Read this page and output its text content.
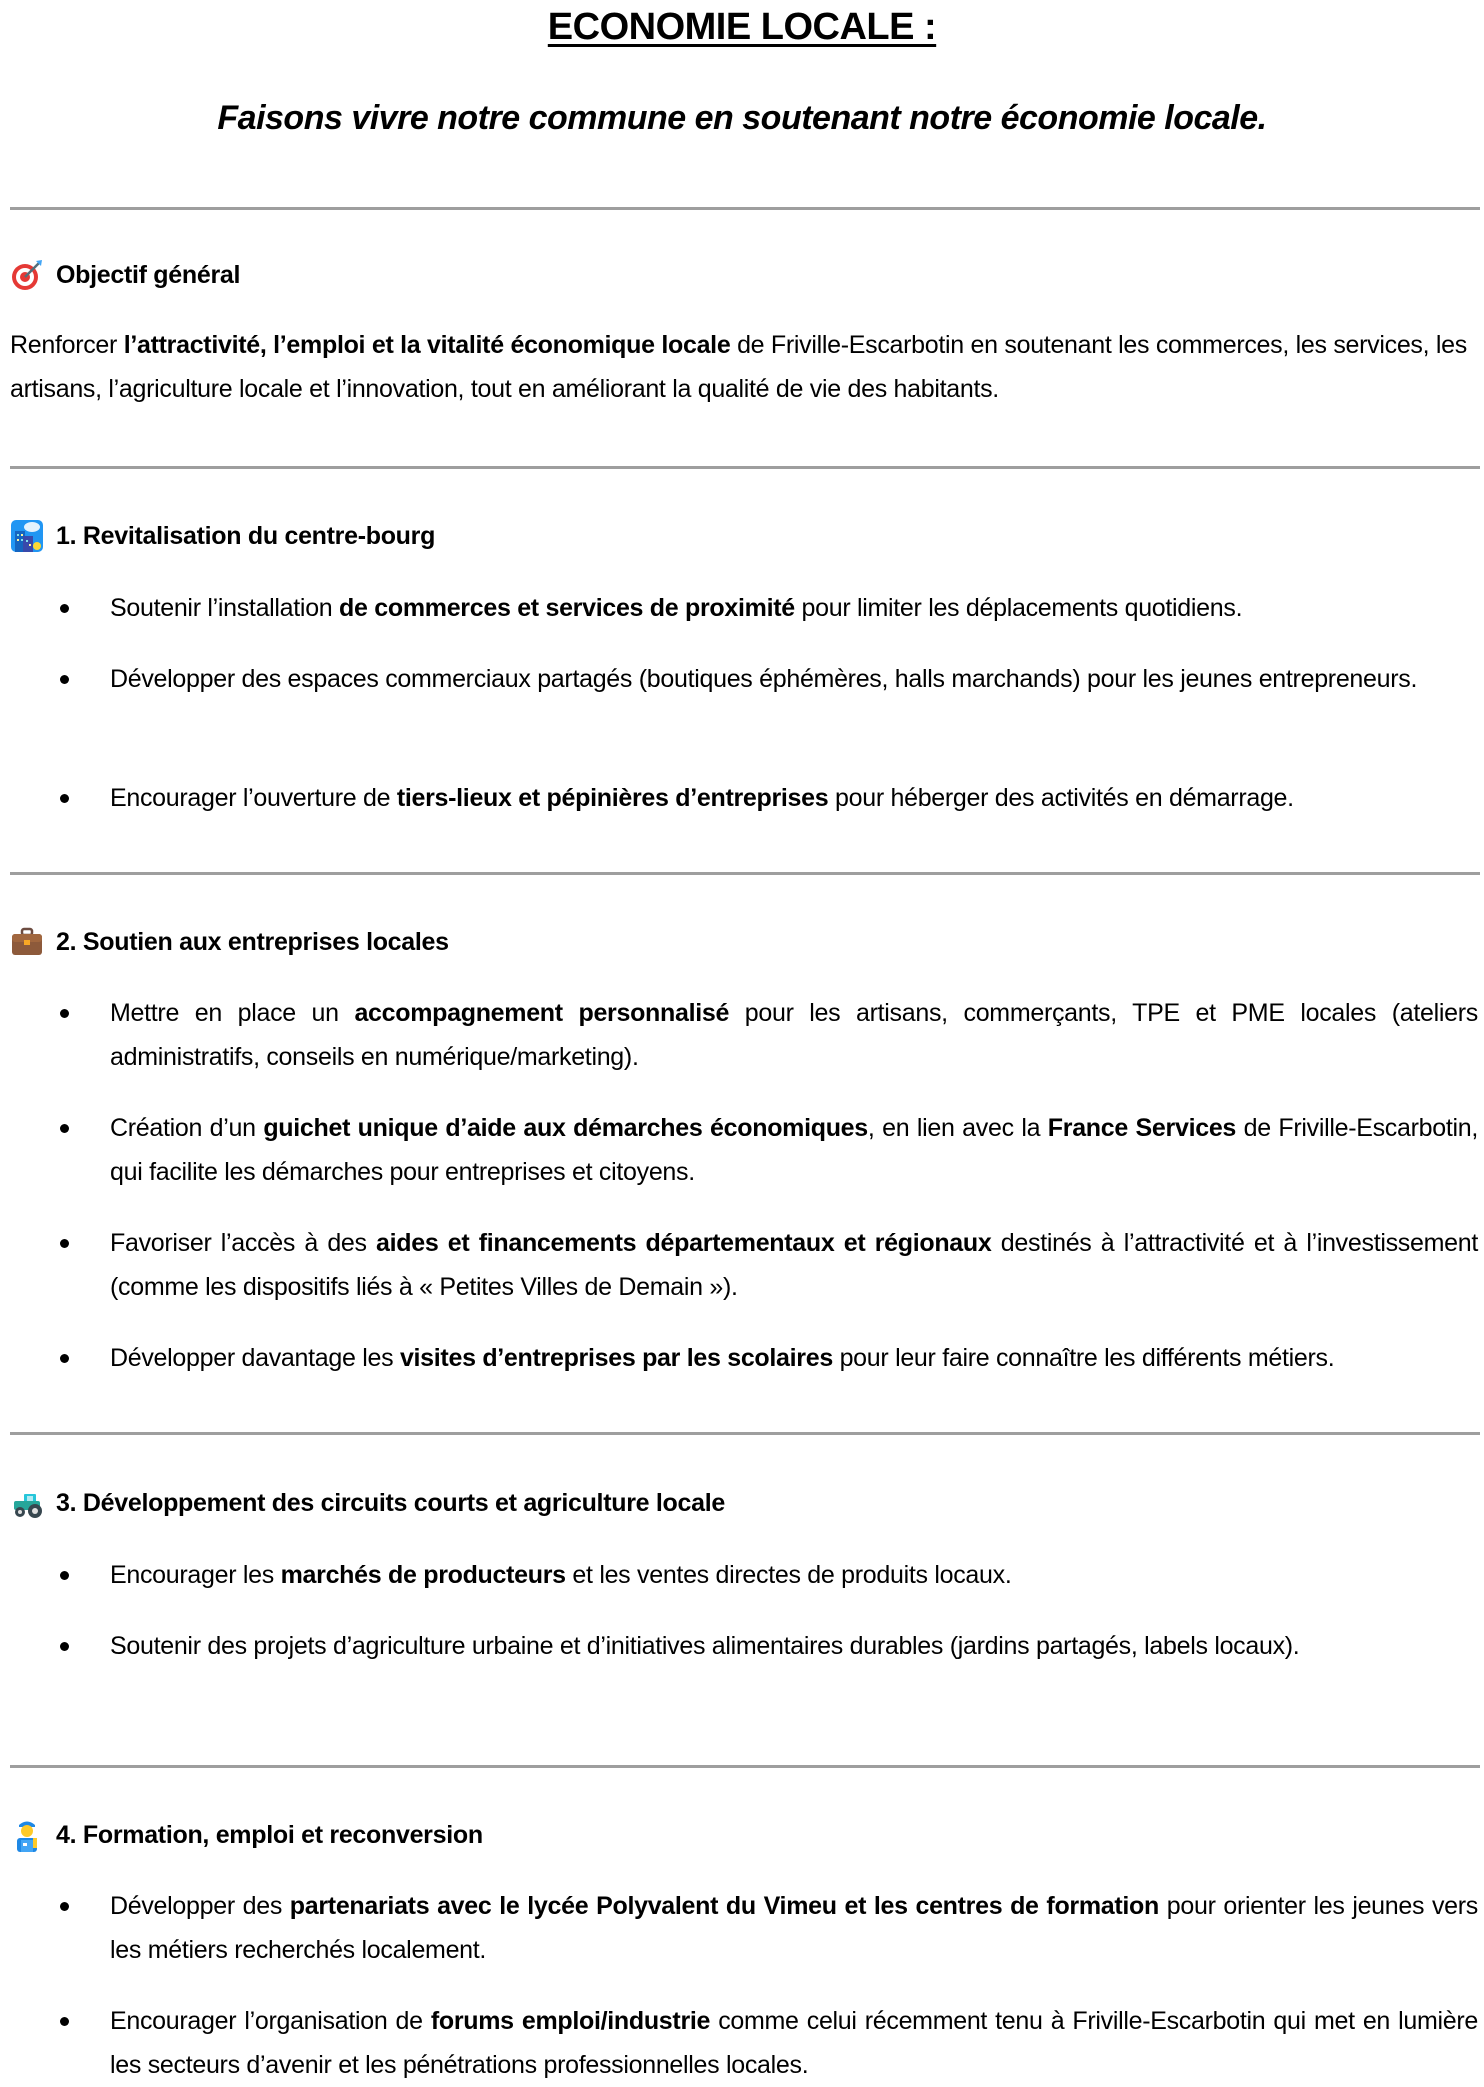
ECONOMIE LOCALE :
Faisons vivre notre commune en soutenant notre économie locale.
Objectif général
Renforcer l’attractivité, l’emploi et la vitalité économique locale de Friville-Escarbotin en soutenant les commerces, les services, les artisans, l’agriculture locale et l’innovation, tout en améliorant la qualité de vie des habitants.
1. Revitalisation du centre-bourg
Soutenir l’installation de commerces et services de proximité pour limiter les déplacements quotidiens.
Développer des espaces commerciaux partagés (boutiques éphémères, halls marchands) pour les jeunes entrepreneurs.
Encourager l’ouverture de tiers-lieux et pépinières d’entreprises pour héberger des activités en démarrage.
2. Soutien aux entreprises locales
Mettre en place un accompagnement personnalisé pour les artisans, commerçants, TPE et PME locales (ateliers administratifs, conseils en numérique/marketing).
Création d’un guichet unique d’aide aux démarches économiques, en lien avec la France Services de Friville-Escarbotin, qui facilite les démarches pour entreprises et citoyens.
Favoriser l’accès à des aides et financements départementaux et régionaux destinés à l’attractivité et à l’investissement (comme les dispositifs liés à « Petites Villes de Demain »).
Développer davantage les visites d’entreprises par les scolaires pour leur faire connaître les différents métiers.
3. Développement des circuits courts et agriculture locale
Encourager les marchés de producteurs et les ventes directes de produits locaux.
Soutenir des projets d’agriculture urbaine et d’initiatives alimentaires durables (jardins partagés, labels locaux).
4. Formation, emploi et reconversion
Développer des partenariats avec le lycée Polyvalent du Vimeu et les centres de formation pour orienter les jeunes vers les métiers recherchés localement.
Encourager l’organisation de forums emploi/industrie comme celui récemment tenu à Friville-Escarbotin qui met en lumière les secteurs d’avenir et les pénétrations professionnelles locales.
